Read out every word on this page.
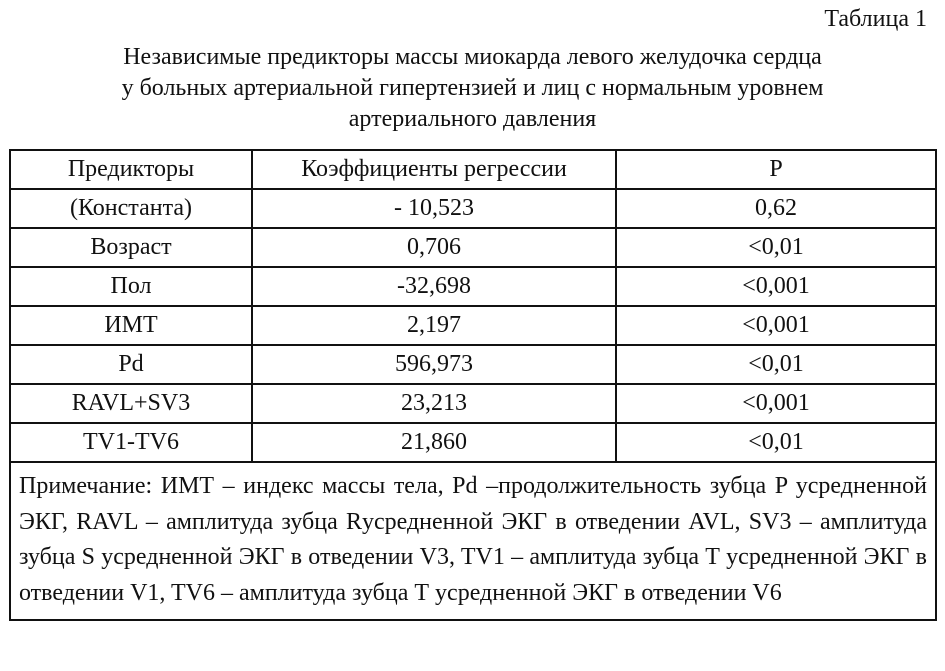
Таблица 1
Независимые предикторы массы миокарда левого желудочка сердца
у больных артериальной гипертензией и лиц с нормальным уровнем
артериального давления
Предикторы	Коэффициенты регрессии	P
(Константа)	- 10,523	0,62
Возраст	0,706	<0,01
Пол	-32,698	<0,001
ИМТ	2,197	<0,001
Pd	596,973	<0,01
RAVL+SV3	23,213	<0,001
TV1-TV6	21,860	<0,01
Примечание: ИМТ – индекс массы тела, Pd –продолжительность зубца P усредненной ЭКГ, RAVL – амплитуда зубца Rусредненной ЭКГ в отведении AVL, SV3 – амплитуда зубца S усредненной ЭКГ в отведении V3, TV1 – амплитуда зубца Т усредненной ЭКГ в отведении V1, TV6 – амплитуда зубца Т усредненной ЭКГ в отведении V6		
